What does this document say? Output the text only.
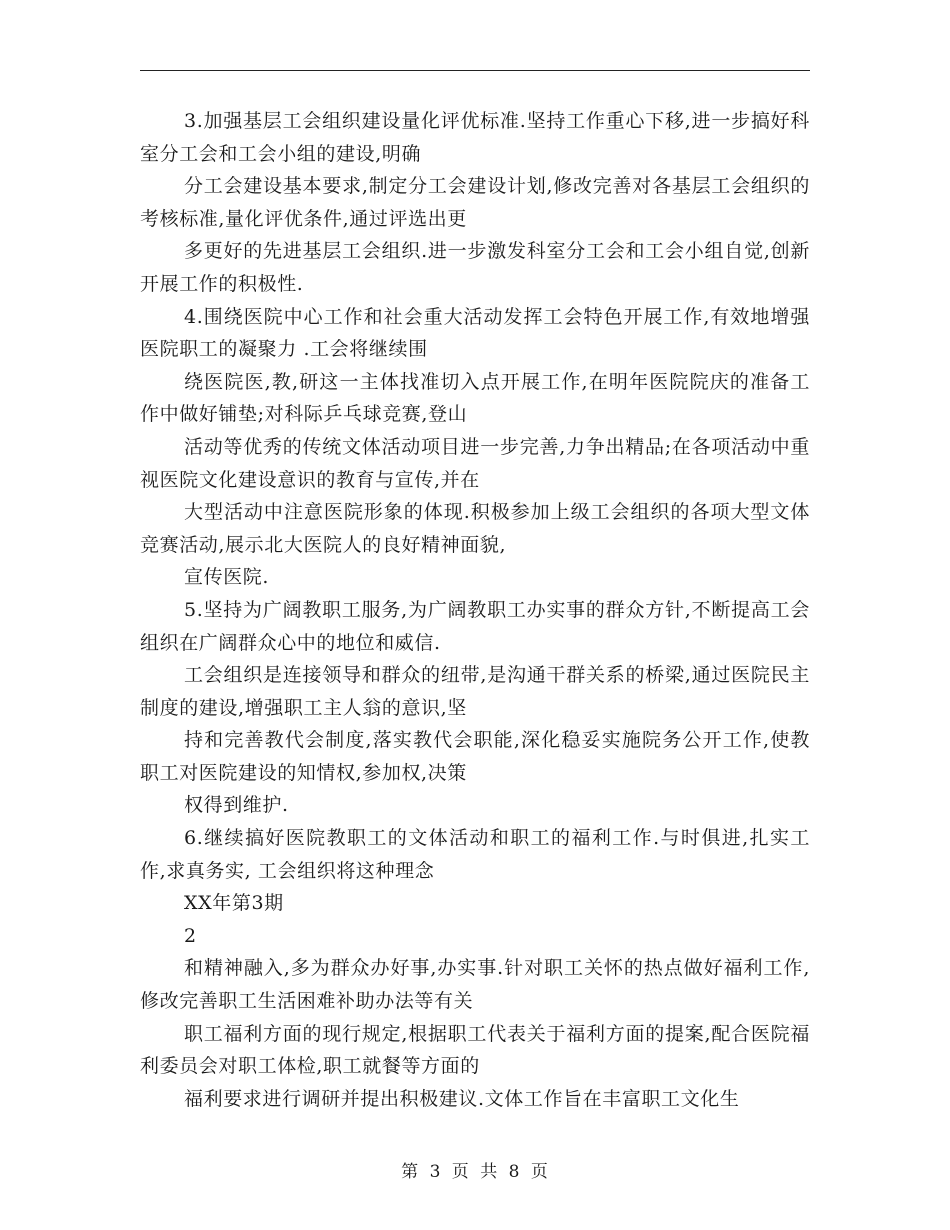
3.加强基层工会组织建设量化评优标准.坚持工作重心下移,进一步搞好科室分工会和工会小组的建设,明确

分工会建设基本要求,制定分工会建设计划,修改完善对各基层工会组织的考核标准,量化评优条件,通过评选出更

多更好的先进基层工会组织.进一步激发科室分工会和工会小组自觉,创新开展工作的积极性.

4.围绕医院中心工作和社会重大活动发挥工会特色开展工作,有效地增强医院职工的凝聚力 .工会将继续围

绕医院医,教,研这一主体找准切入点开展工作,在明年医院院庆的准备工作中做好铺垫;对科际乒乓球竞赛,登山

活动等优秀的传统文体活动项目进一步完善,力争出精品;在各项活动中重视医院文化建设意识的教育与宣传,并在

大型活动中注意医院形象的体现.积极参加上级工会组织的各项大型文体竞赛活动,展示北大医院人的良好精神面貌,

宣传医院.

5.坚持为广阔教职工服务,为广阔教职工办实事的群众方针,不断提高工会组织在广阔群众心中的地位和威信.

工会组织是连接领导和群众的纽带,是沟通干群关系的桥梁,通过医院民主制度的建设,增强职工主人翁的意识,坚

持和完善教代会制度,落实教代会职能,深化稳妥实施院务公开工作,使教职工对医院建设的知情权,参加权,决策

权得到维护.

6.继续搞好医院教职工的文体活动和职工的福利工作.与时俱进,扎实工作,求真务实, 工会组织将这种理念

XX年第3期

2

和精神融入,多为群众办好事,办实事.针对职工关怀的热点做好福利工作,修改完善职工生活困难补助办法等有关

职工福利方面的现行规定,根据职工代表关于福利方面的提案,配合医院福利委员会对职工体检,职工就餐等方面的

福利要求进行调研并提出积极建议.文体工作旨在丰富职工文化生

第 3 页 共 8 页
